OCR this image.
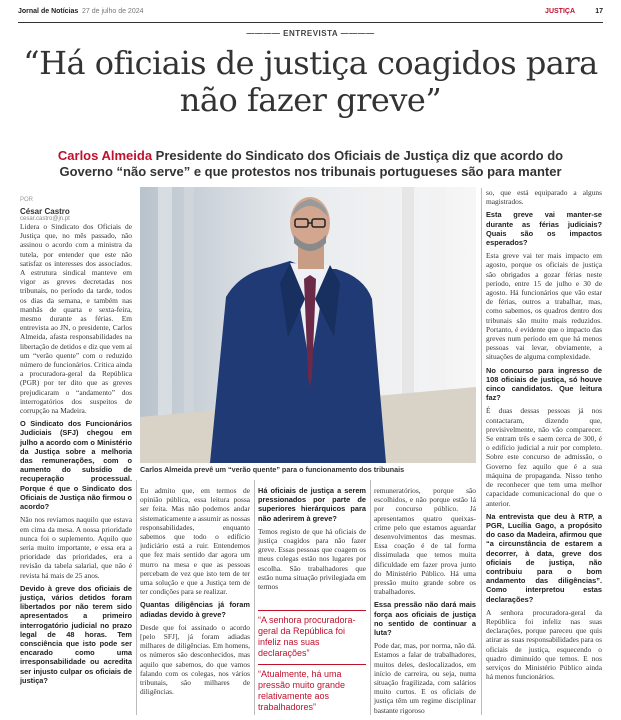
Jornal de Notícias 27 de julho de 2024	JUSTIÇA	17
———— ENTREVISTA ————
“Há oficiais de justiça coagidos para não fazer greve”
Carlos Almeida Presidente do Sindicato dos Oficiais de Justiça diz que acordo do Governo “não serve” e que protestos nos tribunais portugueses são para manter
POR
César Castro
cesar.castro@jn.pt

Lidera o Sindicato dos Oficiais de Justiça que, no mês passado, não assinou o acordo com a ministra da tutela, por entender que este não satisfaz os interesses dos associados. A estrutura sindical manteve em vigor as greves decretadas nos tribunais, no período da tarde, todos os dias da semana, e também nas manhãs de quarta e sexta-feira, mesmo durante as férias. Em entrevista ao JN, o presidente, Carlos Almeida, afasta responsabilidades na libertação de detidos e diz que vem aí um “verão quente” com o reduzido número de funcionários. Critica ainda a procuradora-geral da República (PGR) por ter dito que as greves prejudicaram o “andamento” dos interrogatórios dos suspeitos de corrupção na Madeira.

O Sindicato dos Funcionários Judiciais (SFJ) chegou em julho a acordo com o Ministério da Justiça sobre a melhoria das remunerações, com o aumento do subsídio de recuperação processual. Porque é que o Sindicato dos Oficiais de Justiça não firmou o acordo?

Não nos revíamos naquilo que estava em cima da mesa. A nossa prioridade nunca foi o suplemento. Aquilo que seria muito importante, e essa era a prioridade das prioridades, era a revisão da tabela salarial, que não é revista há mais de 25 anos.

Devido à greve dos oficiais de justiça, vários detidos foram libertados por não terem sido apresentados a primeiro interrogatório judicial no prazo legal de 48 horas. Tem consciência que isto pode ser encarado como uma irresponsabilidade ou acredita ser injusto culpar os oficiais de justiça?

Carlos Almeida prevê um “verão quente” para o funcionamento dos tribunais

Eu admito que, em termos de opinião pública, essa leitura possa ser feita. Mas não podemos andar sistematicamente a assumir as nossas responsabilidades, enquanto sabemos que todo o edifício judiciário está a ruir. Entendemos que fez mais sentido dar agora um murro na mesa e que as pessoas percebam de vez que isto tem de ter uma solução e que a Justiça tem de ter condições para se realizar.

Quantas diligências já foram adiadas devido à greve?

Desde que foi assinado o acordo [pelo SFJ], já foram adiadas milhares de diligências. Em homens, os números são desconhecidos, mas aquilo que sabemos, do que vamos falando com os colegas, nos vários tribunais, são milhares de diligências.

Há oficiais de justiça a serem pressionados por parte de superiores hierárquicos para não aderirem à greve?

Temos registo de que há oficiais de justiça coagidos para não fazer greve. Essas pessoas que coagem os meus colegas estão nos lugares por escolha. São trabalhadores que estão numa situação privilegiada em termos

“A senhora procuradora-geral da República foi infeliz nas suas declarações”
“Atualmente, há uma pressão muito grande relativamente aos trabalhadores”

remuneratórios, porque são escolhidos, e não porque estão lá por concurso público. Já apresentamos quatro queixas-crime pelo que estamos aguardar desenvolvimentos das mesmas. Essa coação é de tal forma dissimulada que temos muita dificuldade em fazer prova junto do Ministério Público. Há uma pressão muito grande sobre os trabalhadores.

Essa pressão não dará mais força aos oficiais de justiça no sentido de continuar a luta?

Pode dar, mas, por norma, não dá. Estamos a falar de trabalhadores, muitos deles, deslocalizados, em início de carreira, ou seja, numa situação fragilizada, com salários muito curtos. E os oficiais de justiça têm um regime disciplinar bastante rigoroso

so, que está equiparado a alguns magistrados.

Esta greve vai manter-se durante as férias judiciais? Quais são os impactos esperados?

Esta greve vai ter mais impacto em agosto, porque os oficiais de justiça são obrigados a gozar férias neste período, entre 15 de julho e 30 de agosto. Há funcionários que vão estar de férias, outros a trabalhar, mas, como sabemos, os quadros dentro dos tribunais são muito mais reduzidos. Portanto, é evidente que o impacto das greves num período em que há menos pessoas vai levar, obviamente, a situações de alguma complexidade.

No concurso para ingresso de 108 oficiais de justiça, só houve cinco candidatos. Que leitura faz?

É duas dessas pessoas já nos contactaram, dizendo que, previsivelmente, não vão comparecer. Se entram três e saem cerca de 300, é o edifício judicial a ruir por completo. Sobre este concurso de admissão, o Governo fez aquilo que é a sua máquina de propaganda. Nisso tenho de reconhecer que tem uma melhor capacidade comunicacional do que o anterior.

Na entrevista que deu à RTP, a PGR, Lucília Gago, a propósito do caso da Madeira, afirmou que “a circunstância de estarem a decorrer, à data, greve dos oficiais de justiça, não contribuiu para o bom andamento das diligências”. Como interpretou estas declarações?

A senhora procuradora-geral da República foi infeliz nas suas declarações, porque pareceu que quis atirar as suas responsabilidades para os oficiais de justiça, esquecendo o quadro diminuído que temos. E nos serviços do Ministério Público ainda há menos funcionários.
